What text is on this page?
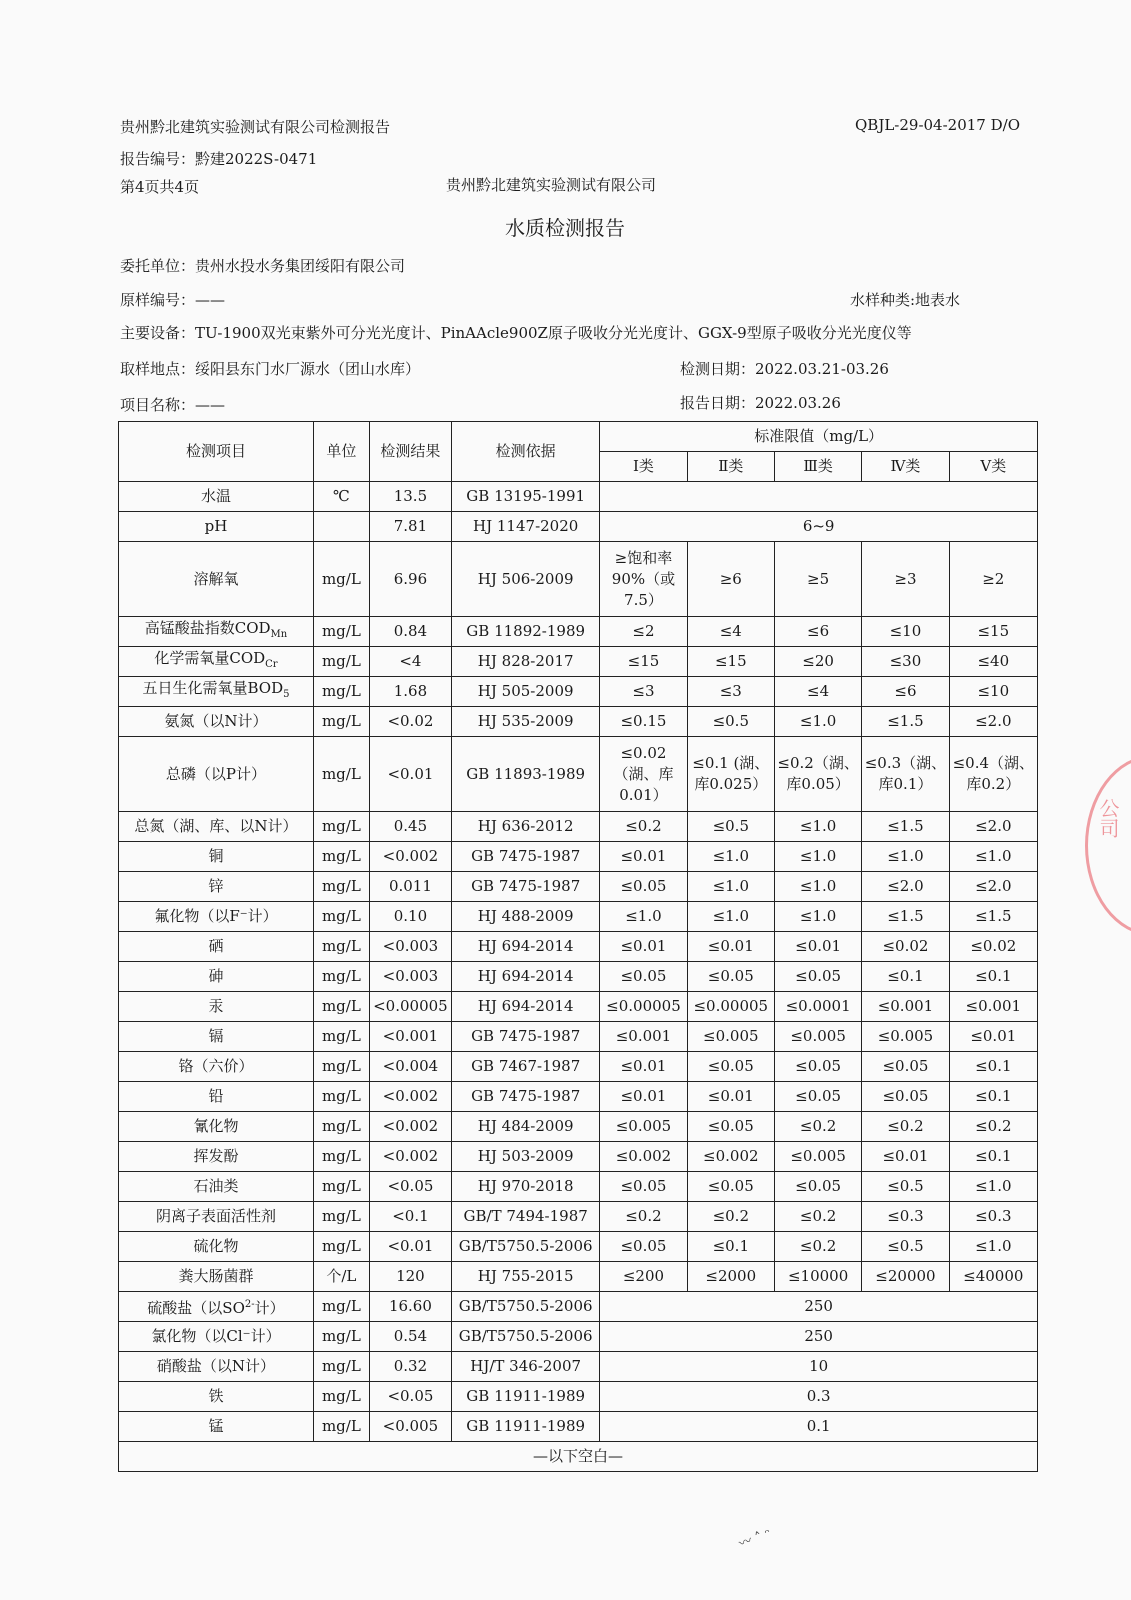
贵州黔北建筑实验测试有限公司检测报告	QBJL-29-04-2017 D/O
报告编号：黔建2022S-0471
第4页共4页	贵州黔北建筑实验测试有限公司
水质检测报告
委托单位：贵州水投水务集团绥阳有限公司
原样编号：——	水样种类:地表水
主要设备：TU-1900双光束紫外可分光光度计、PinAAcle900Z原子吸收分光光度计、GGX-9型原子吸收分光光度仪等
取样地点：绥阳县东门水厂源水（团山水库）	检测日期：2022.03.21-03.26
项目名称：——	报告日期：2022.03.26
检测项目	单位	检测结果	检测依据	标准限值（mg/L）				
				Ⅰ类	Ⅱ类	Ⅲ类	Ⅳ类	Ⅴ类
水温	℃	13.5	GB 13195-1991					
pH		7.81	HJ 1147-2020	6~9				
溶解氧	mg/L	6.96	HJ 506-2009	≥饱和率90%（或7.5）	≥6	≥5	≥3	≥2
高锰酸盐指数$COD_{Mn}$	mg/L	0.84	GB 11892-1989	≤2	≤4	≤6	≤10	≤15
化学需氧量$COD_{Cr}$	mg/L	<4	HJ 828-2017	≤15	≤15	≤20	≤30	≤40
五日生化需氧量$BOD_5$	mg/L	1.68	HJ 505-2009	≤3	≤3	≤4	≤6	≤10
氨氮（以N计）	mg/L	<0.02	HJ 535-2009	≤0.15	≤0.5	≤1.0	≤1.5	≤2.0
总磷（以P计）	mg/L	<0.01	GB 11893-1989	≤0.02（湖、库0.01）	≤0.1 (湖、库0.025）	≤0.2（湖、库0.05）	≤0.3（湖、库0.1）	≤0.4（湖、库0.2）
总氮（湖、库、以N计）	mg/L	0.45	HJ 636-2012	≤0.2	≤0.5	≤1.0	≤1.5	≤2.0
铜	mg/L	<0.002	GB 7475-1987	≤0.01	≤1.0	≤1.0	≤1.0	≤1.0
锌	mg/L	0.011	GB 7475-1987	≤0.05	≤1.0	≤1.0	≤2.0	≤2.0
氟化物（以F⁻计）	mg/L	0.10	HJ 488-2009	≤1.0	≤1.0	≤1.0	≤1.5	≤1.5
硒	mg/L	<0.003	HJ 694-2014	≤0.01	≤0.01	≤0.01	≤0.02	≤0.02
砷	mg/L	<0.003	HJ 694-2014	≤0.05	≤0.05	≤0.05	≤0.1	≤0.1
汞	mg/L	<0.00005	HJ 694-2014	≤0.00005	≤0.00005	≤0.0001	≤0.001	≤0.001
镉	mg/L	<0.001	GB 7475-1987	≤0.001	≤0.005	≤0.005	≤0.005	≤0.01
铬（六价）	mg/L	<0.004	GB 7467-1987	≤0.01	≤0.05	≤0.05	≤0.05	≤0.1
铅	mg/L	<0.002	GB 7475-1987	≤0.01	≤0.01	≤0.05	≤0.05	≤0.1
氰化物	mg/L	<0.002	HJ 484-2009	≤0.005	≤0.05	≤0.2	≤0.2	≤0.2
挥发酚	mg/L	<0.002	HJ 503-2009	≤0.002	≤0.002	≤0.005	≤0.01	≤0.1
石油类	mg/L	<0.05	HJ 970-2018	≤0.05	≤0.05	≤0.05	≤0.5	≤1.0
阴离子表面活性剂	mg/L	<0.1	GB/T 7494-1987	≤0.2	≤0.2	≤0.2	≤0.3	≤0.3
硫化物	mg/L	<0.01	GB/T5750.5-2006	≤0.05	≤0.1	≤0.2	≤0.5	≤1.0
粪大肠菌群	个/L	120	HJ 755-2015	≤200	≤2000	≤10000	≤20000	≤40000
硫酸盐（以$SO^{2-}$计）	mg/L	16.60	GB/T5750.5-2006	250				
氯化物（以Cl⁻计）	mg/L	0.54	GB/T5750.5-2006	250				
硝酸盐（以N计）	mg/L	0.32	HJ/T 346-2007	10				
铁	mg/L	<0.05	GB 11911-1989	0.3				
锰	mg/L	<0.005	GB 11911-1989	0.1				
—以下空白—								
公司
〰 ˄ ᵔ
